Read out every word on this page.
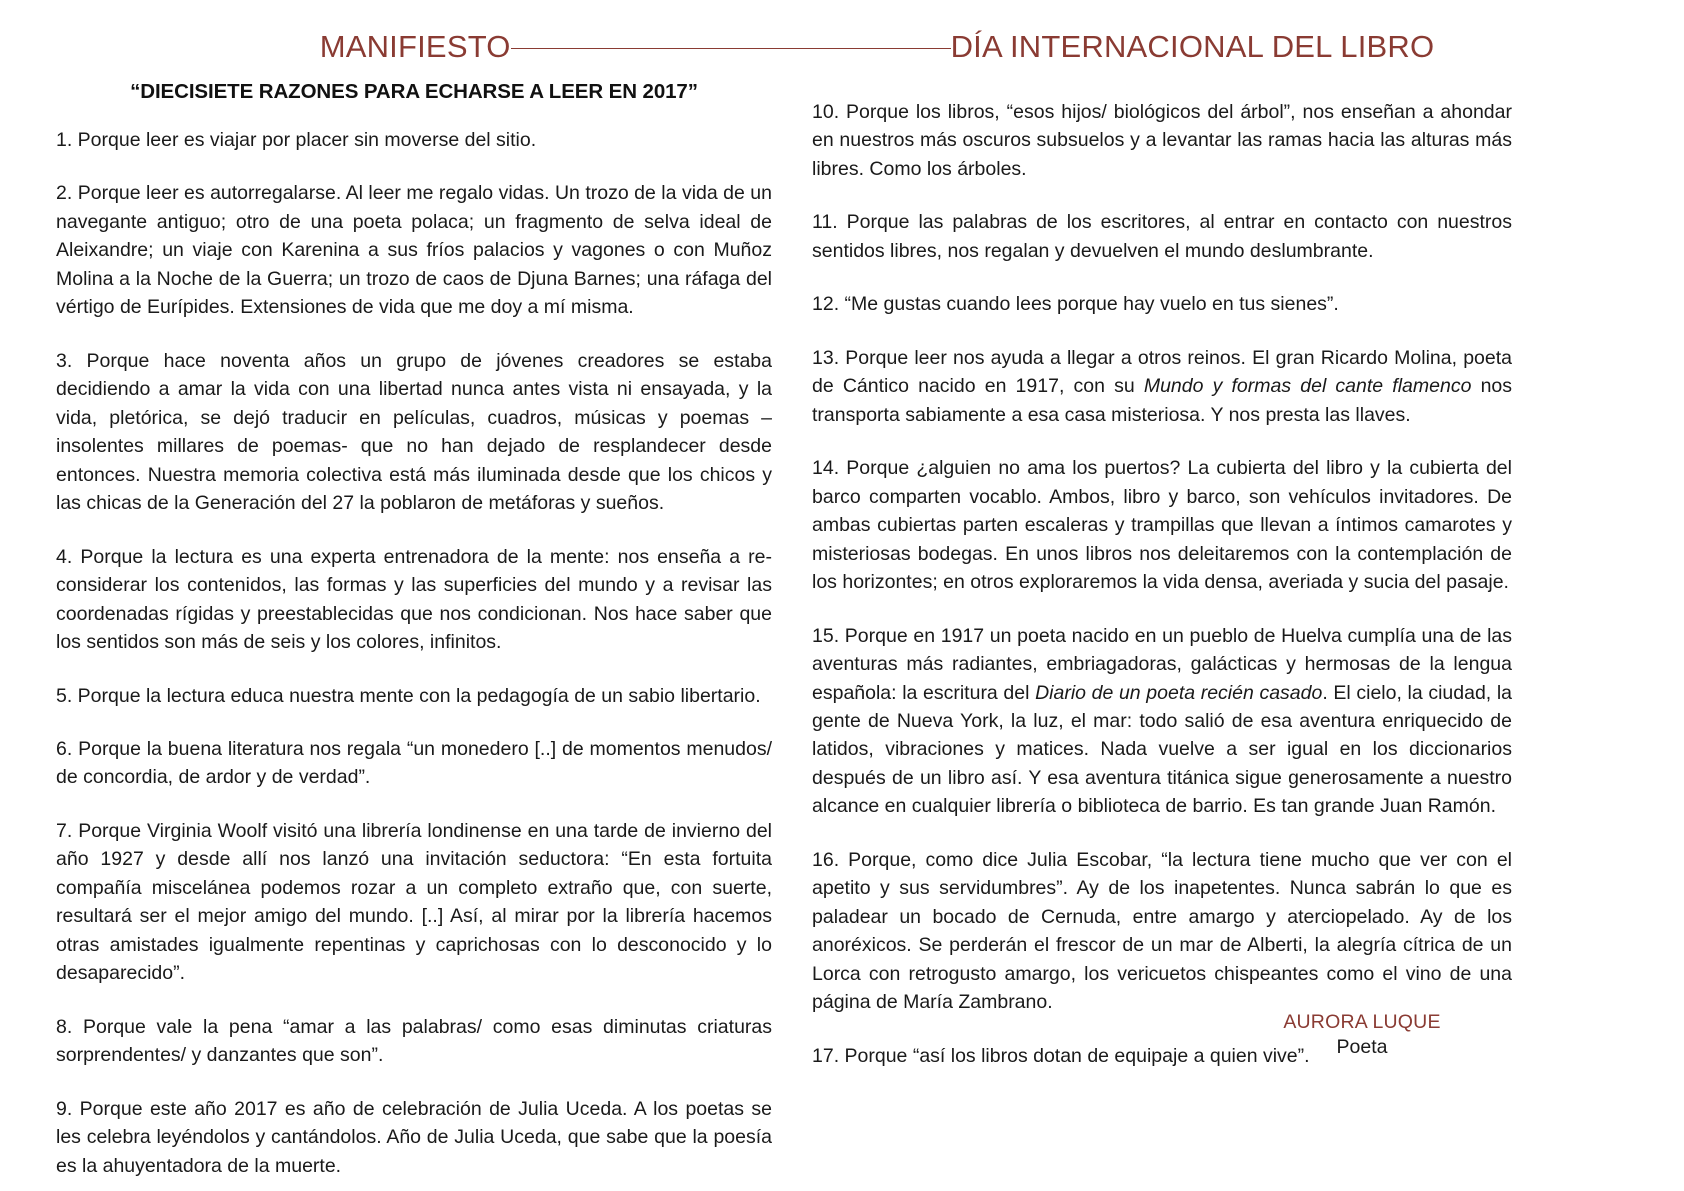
MANIFIESTO	DÍA INTERNACIONAL DEL LIBRO
“DIECISIETE RAZONES PARA ECHARSE A LEER EN 2017”

1. Porque leer es viajar por placer sin moverse del sitio.

2. Porque leer es autorregalarse. Al leer me regalo vidas. Un trozo de la vida de un navegante antiguo; otro de una poeta polaca; un fragmento de selva ideal de Aleixandre; un viaje con Karenina a sus fríos palacios y vagones o con Muñoz Molina a la Noche de la Guerra; un trozo de caos de Djuna Barnes; una ráfaga del vértigo de Eurípides. Extensiones de vida que me doy a mí misma.

3. Porque hace noventa años un grupo de jóvenes creadores se estaba decidiendo a amar la vida con una libertad nunca antes vista ni ensayada, y la vida, pletórica, se dejó traducir en películas, cuadros, músicas y poemas –insolentes millares de poemas- que no han dejado de resplandecer desde entonces. Nuestra memoria colectiva está más iluminada desde que los chicos y las chicas de la Generación del 27 la poblaron de metáforas y sueños.

4. Porque la lectura es una experta entrenadora de la mente: nos enseña a re-considerar los contenidos, las formas y las superficies del mundo y a revisar las coordenadas rígidas y preestablecidas que nos condicionan. Nos hace saber que los sentidos son más de seis y los colores, infinitos.

5. Porque la lectura educa nuestra mente con la pedagogía de un sabio libertario.

6. Porque la buena literatura nos regala “un monedero [..] de momentos menudos/ de concordia, de ardor y de verdad”.

7. Porque Virginia Woolf visitó una librería londinense en una tarde de invierno del año 1927 y desde allí nos lanzó una invitación seductora: “En esta fortuita compañía miscelánea podemos rozar a un completo extraño que, con suerte, resultará ser el mejor amigo del mundo. [..] Así, al mirar por la librería hacemos otras amistades igualmente repentinas y caprichosas con lo desconocido y lo desaparecido”.

8. Porque vale la pena “amar a las palabras/ como esas diminutas criaturas sorprendentes/ y danzantes que son”.

9. Porque este año 2017 es año de celebración de Julia Uceda. A los poetas se les celebra leyéndolos y cantándolos. Año de Julia Uceda, que sabe que la poesía es la ahuyentadora de la muerte.

10. Porque los libros, “esos hijos/ biológicos del árbol”, nos enseñan a ahondar en nuestros más oscuros subsuelos y a levantar las ramas hacia las alturas más libres. Como los árboles.

11. Porque las palabras de los escritores, al entrar en contacto con nuestros sentidos libres, nos regalan y devuelven el mundo deslumbrante.

12. “Me gustas cuando lees porque hay vuelo en tus sienes”.

13. Porque leer nos ayuda a llegar a otros reinos. El gran Ricardo Molina, poeta de Cántico nacido en 1917, con su Mundo y formas del cante flamenco nos transporta sabiamente a esa casa misteriosa. Y nos presta las llaves.

14. Porque ¿alguien no ama los puertos? La cubierta del libro y la cubierta del barco comparten vocablo. Ambos, libro y barco, son vehículos invitadores. De ambas cubiertas parten escaleras y trampillas que llevan a íntimos camarotes y misteriosas bodegas. En unos libros nos deleitaremos con la contemplación de los horizontes; en otros exploraremos la vida densa, averiada y sucia del pasaje.

15. Porque en 1917 un poeta nacido en un pueblo de Huelva cumplía una de las aventuras más radiantes, embriagadoras, galácticas y hermosas de la lengua española: la escritura del Diario de un poeta recién casado. El cielo, la ciudad, la gente de Nueva York, la luz, el mar: todo salió de esa aventura enriquecido de latidos, vibraciones y matices. Nada vuelve a ser igual en los diccionarios después de un libro así. Y esa aventura titánica sigue generosamente a nuestro alcance en cualquier librería o biblioteca de barrio. Es tan grande Juan Ramón.

16. Porque, como dice Julia Escobar, “la lectura tiene mucho que ver con el apetito y sus servidumbres”. Ay de los inapetentes. Nunca sabrán lo que es paladear un bocado de Cernuda, entre amargo y aterciopelado. Ay de los anoréxicos. Se perderán el frescor de un mar de Alberti, la alegría cítrica de un Lorca con retrogusto amargo, los vericuetos chispeantes como el vino de una página de María Zambrano.

17. Porque “así los libros dotan de equipaje a quien vive”.

AURORA LUQUE
Poeta
